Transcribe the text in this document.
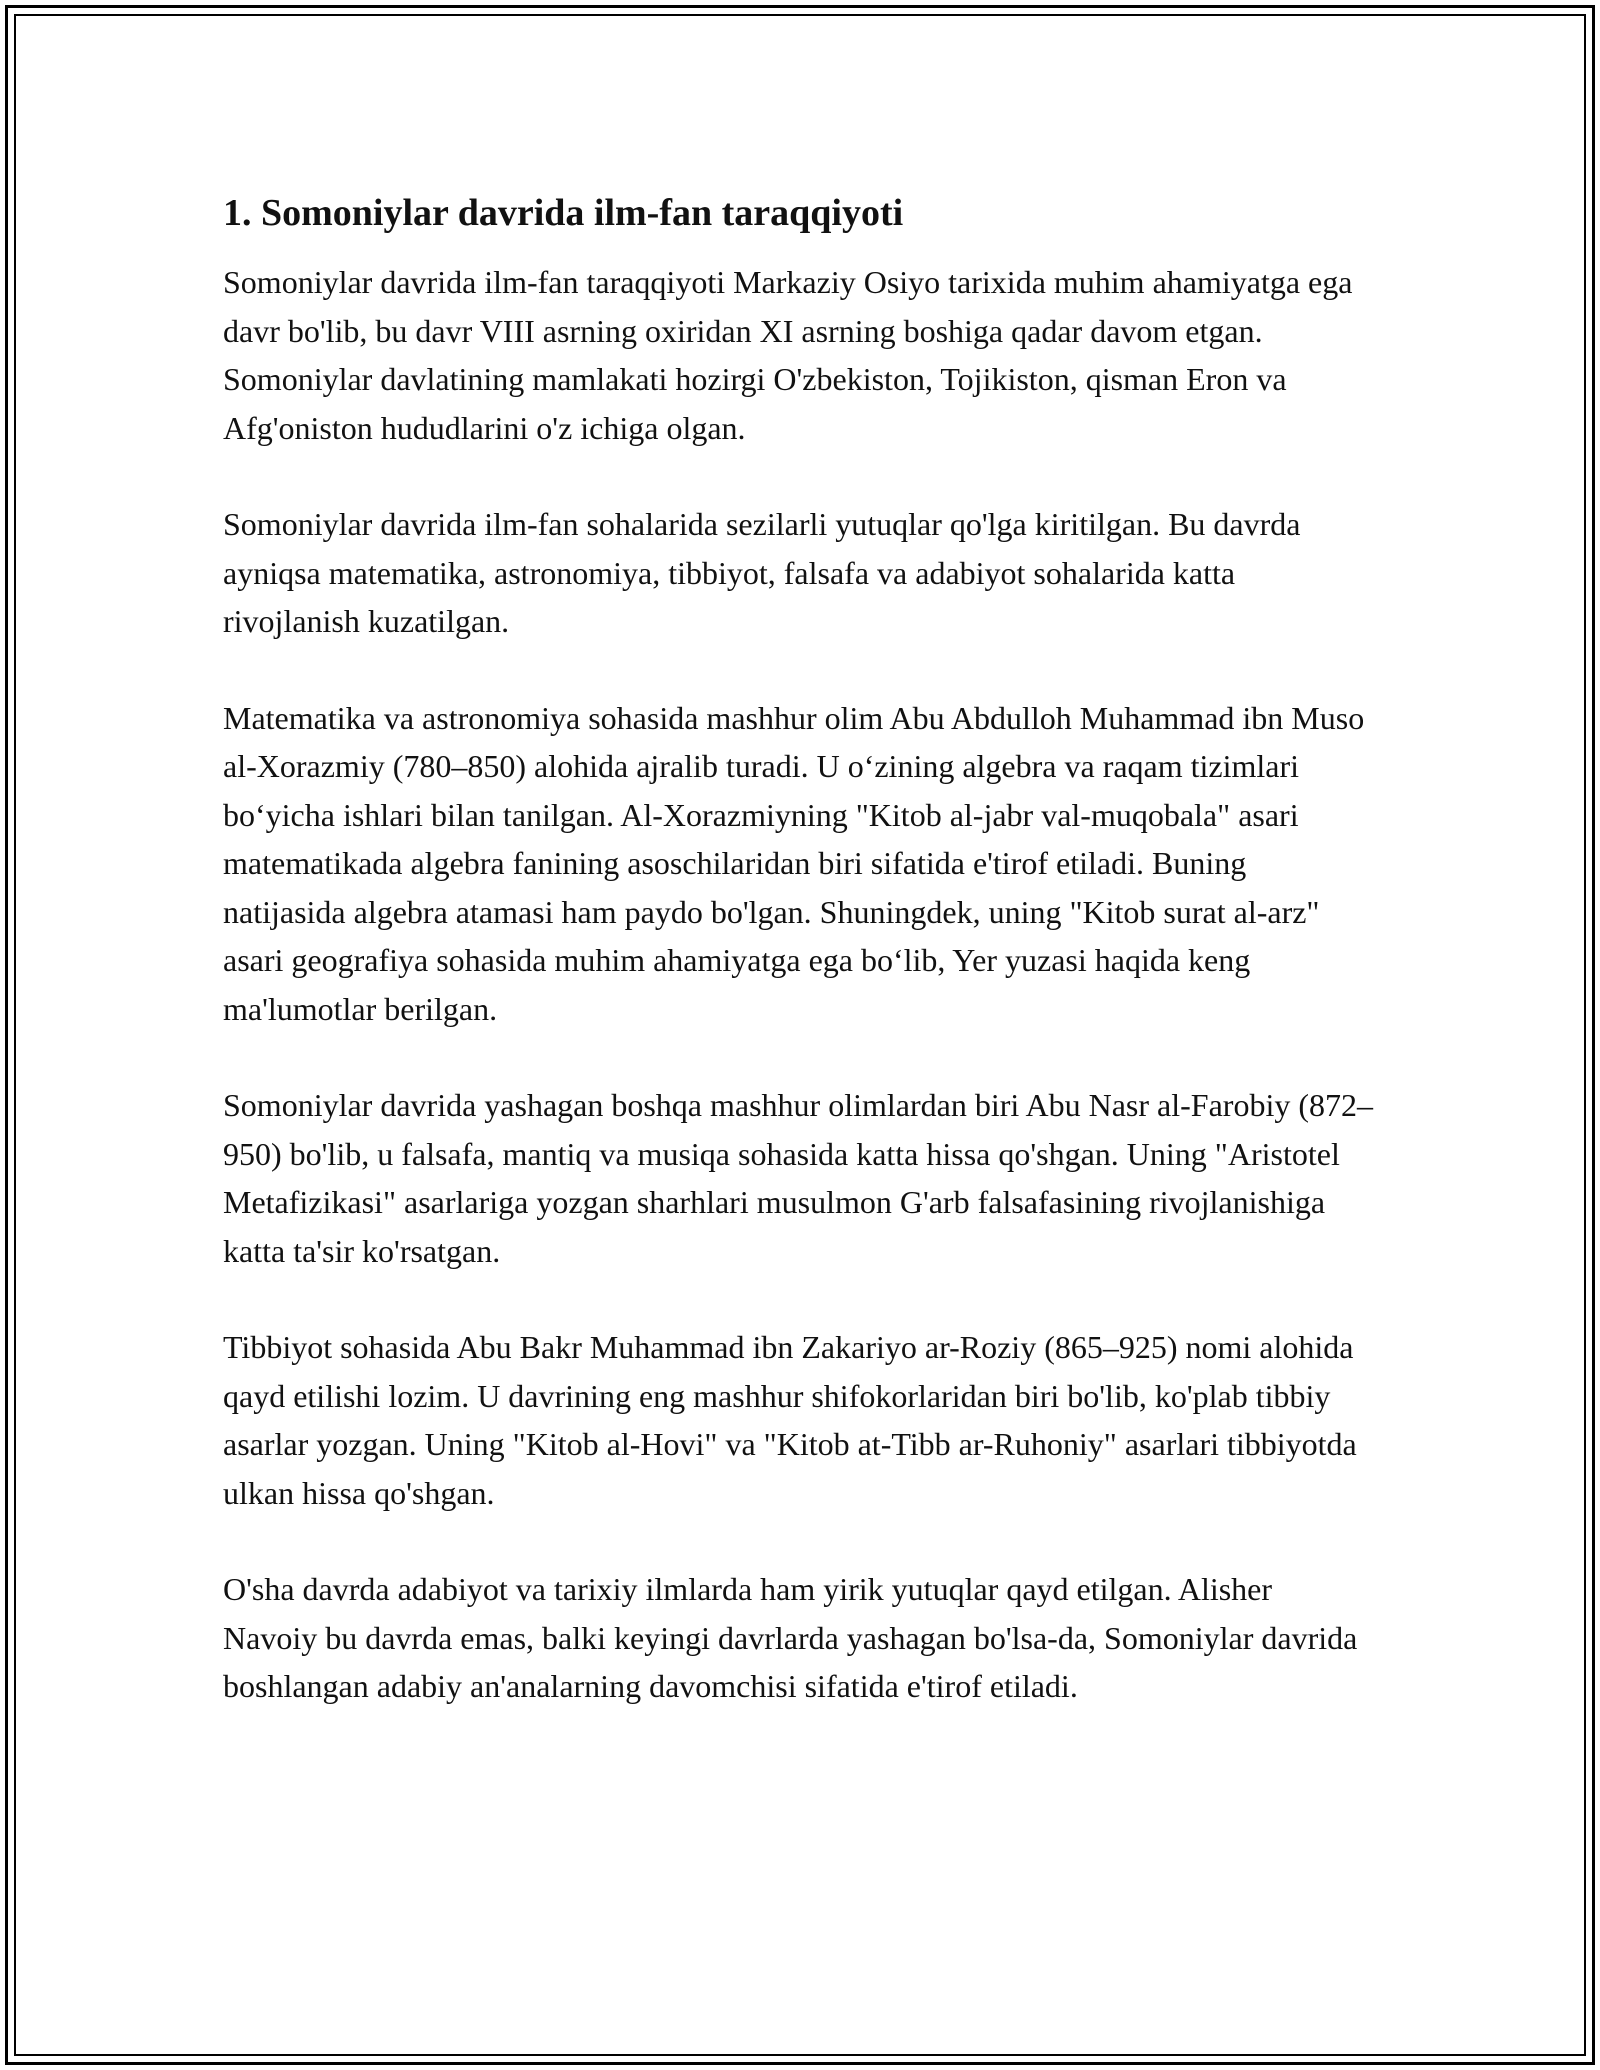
1. Somoniylar davrida ilm-fan taraqqiyoti

Somoniylar davrida ilm-fan taraqqiyoti Markaziy Osiyo tarixida muhim ahamiyatga ega davr bo'lib, bu davr VIII asrning oxiridan XI asrning boshiga qadar davom etgan. Somoniylar davlatining mamlakati hozirgi O'zbekiston, Tojikiston, qisman Eron va Afg'oniston hududlarini o'z ichiga olgan.

Somoniylar davrida ilm-fan sohalarida sezilarli yutuqlar qo'lga kiritilgan. Bu davrda ayniqsa matematika, astronomiya, tibbiyot, falsafa va adabiyot sohalarida katta rivojlanish kuzatilgan.

Matematika va astronomiya sohasida mashhur olim Abu Abdulloh Muhammad ibn Muso al-Xorazmiy (780–850) alohida ajralib turadi. U o‘zining algebra va raqam tizimlari bo‘yicha ishlari bilan tanilgan. Al-Xorazmiyning "Kitob al-jabr val-muqobala" asari matematikada algebra fanining asoschilaridan biri sifatida e'tirof etiladi. Buning natijasida algebra atamasi ham paydo bo'lgan. Shuningdek, uning "Kitob surat al-arz" asari geografiya sohasida muhim ahamiyatga ega bo‘lib, Yer yuzasi haqida keng ma'lumotlar berilgan.

Somoniylar davrida yashagan boshqa mashhur olimlardan biri Abu Nasr al-Farobiy (872–950) bo'lib, u falsafa, mantiq va musiqa sohasida katta hissa qo'shgan. Uning "Aristotel Metafizikasi" asarlariga yozgan sharhlari musulmon G'arb falsafasining rivojlanishiga katta ta'sir ko'rsatgan.

Tibbiyot sohasida Abu Bakr Muhammad ibn Zakariyo ar-Roziy (865–925) nomi alohida qayd etilishi lozim. U davrining eng mashhur shifokorlaridan biri bo'lib, ko'plab tibbiy asarlar yozgan. Uning "Kitob al-Hovi" va "Kitob at-Tibb ar-Ruhoniy" asarlari tibbiyotda ulkan hissa qo'shgan.

O'sha davrda adabiyot va tarixiy ilmlarda ham yirik yutuqlar qayd etilgan. Alisher Navoiy bu davrda emas, balki keyingi davrlarda yashagan bo'lsa-da, Somoniylar davrida boshlangan adabiy an'analarning davomchisi sifatida e'tirof etiladi.
